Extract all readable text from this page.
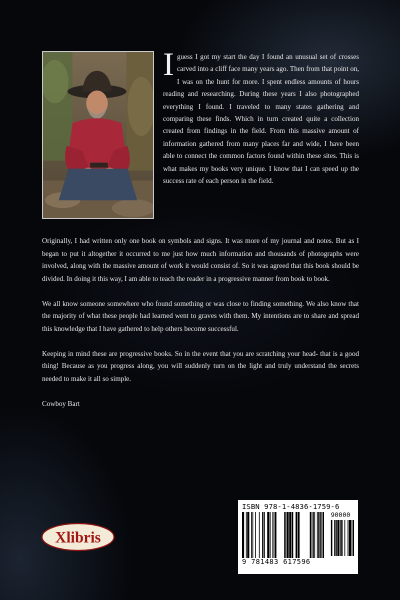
Iguess I got my start the day I found an unusual set of crosses carved into a cliff face many years ago. Then from that point on, I was on the hunt for more. I spent endless amounts of hours reading and researching. During these years I also photographed everything I found. I traveled to many states gathering and comparing these finds. Which in turn created quite a collection created from findings in the field. From this massive amount of information gathered from many places far and wide, I have been able to connect the common factors found within these sites. This is what makes my books very unique. I know that I can speed up the success rate of each person in the field.

Originally, I had written only one book on symbols and signs. It was more of my journal and notes. But as I began to put it altogether it occurred to me just how much information and thousands of photographs were involved, along with the massive amount of work it would consist of. So it was agreed that this book should be divided. In doing it this way, I am able to teach the reader in a progressive manner from book to book.

We all know someone somewhere who found something or was close to finding something. We also know that the majority of what these people had learned went to graves with them. My intentions are to share and spread this knowledge that I have gathered to help others become successful.

Keeping in mind these are progressive books. So in the event that you are scratching your head- that is a good thing! Because as you progress along, you will suddenly turn on the light and truly understand the secrets needed to make it all so simple.

Cowboy Bart

Xlibris
ISBN 978-1-4836-1759-6
90000
9 781483 617596
